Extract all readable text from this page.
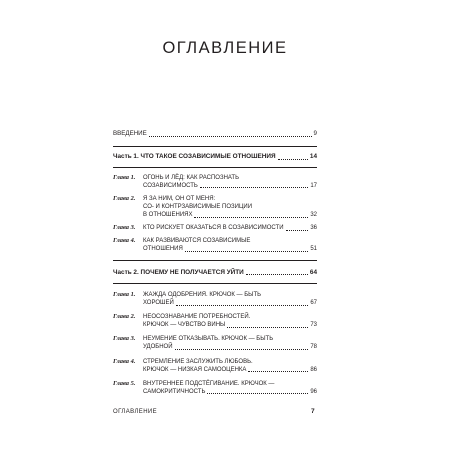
ОГЛАВЛЕНИЕ
ВВЕДЕНИЕ	9
Часть 1. ЧТО ТАКОЕ СОЗАВИСИМЫЕ ОТНОШЕНИЯ	14
Глава 1.	ОГОНЬ И ЛЁД: КАК РАСПОЗНАТЬ
СОЗАВИСИМОСТЬ	17
Глава 2.	Я ЗА НИМ, ОН ОТ МЕНЯ:
СО- И КОНТРЗАВИСИМЫЕ ПОЗИЦИИ
В ОТНОШЕНИЯХ	32
Глава 3.	КТО РИСКУЕТ ОКАЗАТЬСЯ В СОЗАВИСИМОСТИ	36
Глава 4.	КАК РАЗВИВАЮТСЯ СОЗАВИСИМЫЕ
ОТНОШЕНИЯ	51
Часть 2. ПОЧЕМУ НЕ ПОЛУЧАЕТСЯ УЙТИ	64
Глава 1.	ЖАЖДА ОДОБРЕНИЯ. КРЮЧОК — БЫТЬ
ХОРОШЕЙ	67
Глава 2.	НЕОСОЗНАВАНИЕ ПОТРЕБНОСТЕЙ.
КРЮЧОК — ЧУВСТВО ВИНЫ	73
Глава 3.	НЕУМЕНИЕ ОТКАЗЫВАТЬ. КРЮЧОК — БЫТЬ
УДОБНОЙ	78
Глава 4.	СТРЕМЛЕНИЕ ЗАСЛУЖИТЬ ЛЮБОВЬ.
КРЮЧОК — НИЗКАЯ САМООЦЕНКА	86
Глава 5.	ВНУТРЕННЕЕ ПОДСТЁГИВАНИЕ. КРЮЧОК —
САМОКРИТИЧНОСТЬ	96
ОГЛАВЛЕНИЕ	7
